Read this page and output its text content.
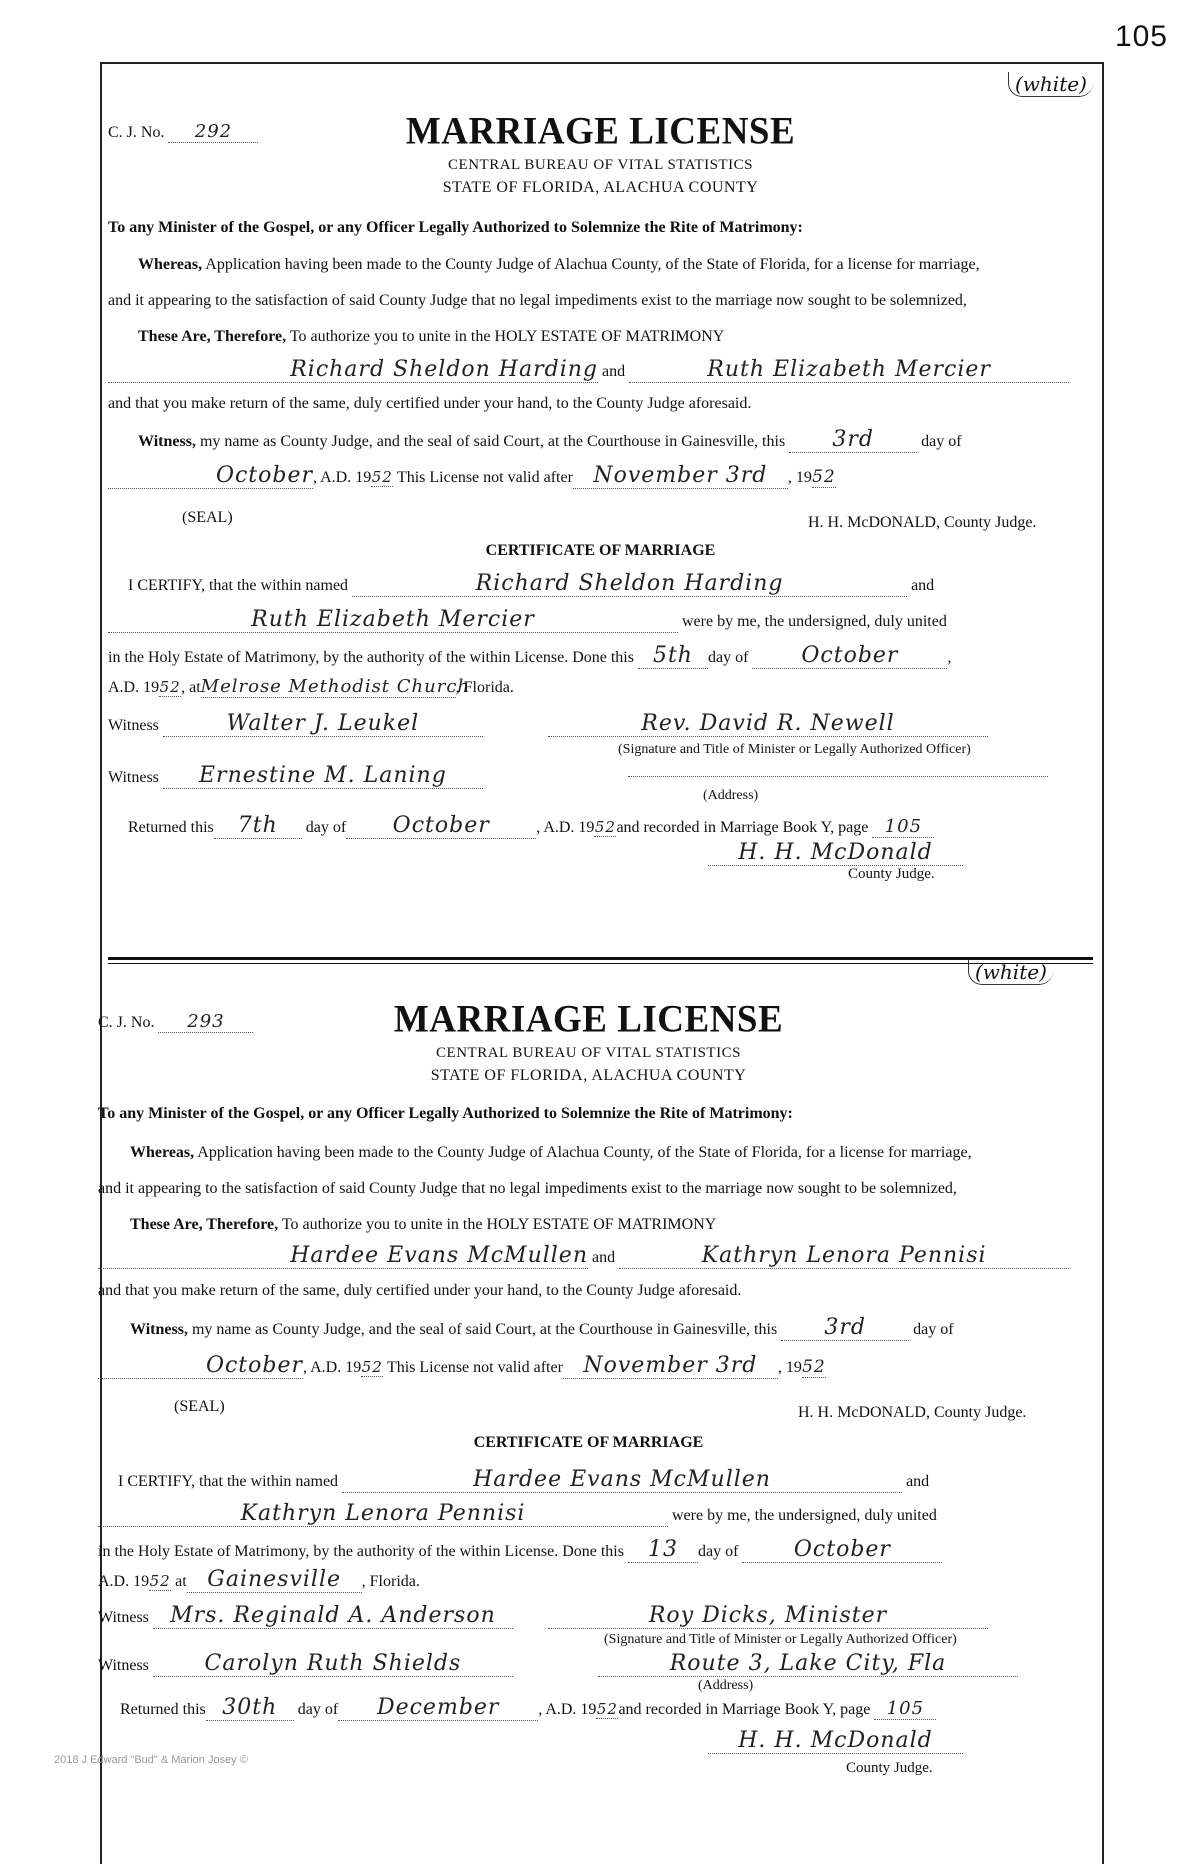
105
(white)
C. J. No. 292	MARRIAGE LICENSE
CENTRAL BUREAU OF VITAL STATISTICS
STATE OF FLORIDA, ALACHUA COUNTY
To any Minister of the Gospel, or any Officer Legally Authorized to Solemnize the Rite of Matrimony:
Whereas, Application having been made to the County Judge of Alachua County, of the State of Florida, for a license for marriage,
and it appearing to the satisfaction of said County Judge that no legal impediments exist to the marriage now sought to be solemnized,
These Are, Therefore, To authorize you to unite in the HOLY ESTATE OF MATRIMONY
Richard Sheldon Harding and	Ruth Elizabeth Mercier
and that you make return of the same, duly certified under your hand, to the County Judge aforesaid.
Witness, my name as County Judge, and the seal of said Court, at the Courthouse in Gainesville, this 3rd	day of
October, A.D. 1952 This License not valid after November 3rd , 1952
(SEAL)	H. H. McDONALD, County Judge.
CERTIFICATE OF MARRIAGE
I CERTIFY, that the within named	Richard Sheldon Harding	and
Ruth Elizabeth Mercier	were by me, the undersigned, duly united
in the Holy Estate of Matrimony, by the authority of the within License. Done this 5th day of October	,
A.D. 1952, atMelrose Methodist Church, Florida.
Witness	Walter J. Leukel	Rev. David R. Newell
(Signature and Title of Minister or Legally Authorized Officer)
Witness Ernestine M. Laning
(Address)
Returned this 7th day of October	, A.D. 1952and recorded in Marriage Book Y, page 105
H. H. McDonald
County Judge.
(white)
C. J. No. 293	MARRIAGE LICENSE
CENTRAL BUREAU OF VITAL STATISTICS
STATE OF FLORIDA, ALACHUA COUNTY
To any Minister of the Gospel, or any Officer Legally Authorized to Solemnize the Rite of Matrimony:
Whereas, Application having been made to the County Judge of Alachua County, of the State of Florida, for a license for marriage,
and it appearing to the satisfaction of said County Judge that no legal impediments exist to the marriage now sought to be solemnized,
These Are, Therefore, To authorize you to unite in the HOLY ESTATE OF MATRIMONY
Hardee Evans McMullen and	Kathryn Lenora Pennisi
and that you make return of the same, duly certified under your hand, to the County Judge aforesaid.
Witness, my name as County Judge, and the seal of said Court, at the Courthouse in Gainesville, this 3rd	day of
October, A.D. 1952 This License not valid after November 3rd , 1952
(SEAL)	H. H. McDONALD, County Judge.
CERTIFICATE OF MARRIAGE
I CERTIFY, that the within named	Hardee Evans McMullen	and
Kathryn Lenora Pennisi	were by me, the undersigned, duly united
in the Holy Estate of Matrimony, by the authority of the within License. Done this 13 day of	October
A.D. 1952 at Gainesville , Florida.
Witness Mrs. Reginald A. Anderson	Roy Dicks, Minister
(Signature and Title of Minister or Legally Authorized Officer)
Witness	Carolyn Ruth Shields	Route 3, Lake City, Fla
(Address)
Returned this 30th day of December , A.D. 1952and recorded in Marriage Book Y, page 105
H. H. McDonald
County Judge.
2018 J Edward "Bud" & Marion Josey ©
